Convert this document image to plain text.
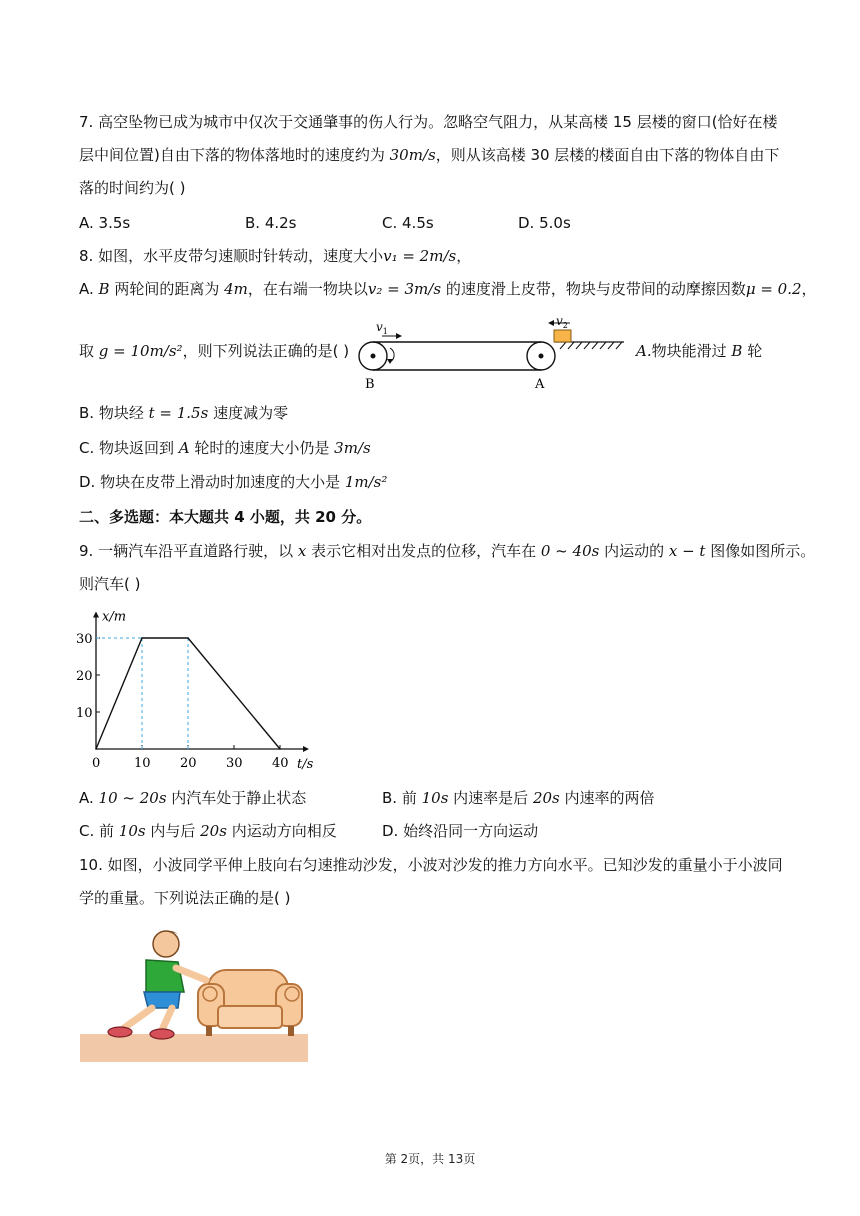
7. 高空坠物已成为城市中仅次于交通肇事的伤人行为。忽略空气阻力，从某高楼 15 层楼的窗口(恰好在楼
层中间位置)自由下落的物体落地时的速度约为 30m/s，则从该高楼 30 层楼的楼面自由下落的物体自由下
落的时间约为( )
A. 3.5s	B. 4.2s	C. 4.5s	D. 5.0s
8. 如图，水平皮带匀速顺时针转动，速度大小v₁ = 2m/s，
A. B 两轮间的距离为 4m，在右端一物块以v₂ = 3m/s 的速度滑上皮带，物块与皮带间的动摩擦因数μ = 0.2，
取 g = 10m/s²，则下列说法正确的是( )	A.物块能滑过 B 轮
$v_1$
$v_2$
B	A
B. 物块经 t = 1.5s 速度减为零
C. 物块返回到 A 轮时的速度大小仍是 3m/s
D. 物块在皮带上滑动时加速度的大小是 1m/s²
二、多选题：本大题共 4 小题，共 20 分。
9. 一辆汽车沿平直道路行驶，以 x 表示它相对出发点的位移，汽车在 0 ~ 40s 内运动的 x − t 图像如图所示。
则汽车( )
0	10 20 30 40
10
20
30
t/s
x/m
A. 10 ~ 20s 内汽车处于静止状态	B. 前 10s 内速率是后 20s 内速率的两倍
C. 前 10s 内与后 20s 内运动方向相反	D. 始终沿同一方向运动
10. 如图，小波同学平伸上肢向右匀速推动沙发，小波对沙发的推力方向水平。已知沙发的重量小于小波同
学的重量。下列说法正确的是( )
第 2页，共 13页
